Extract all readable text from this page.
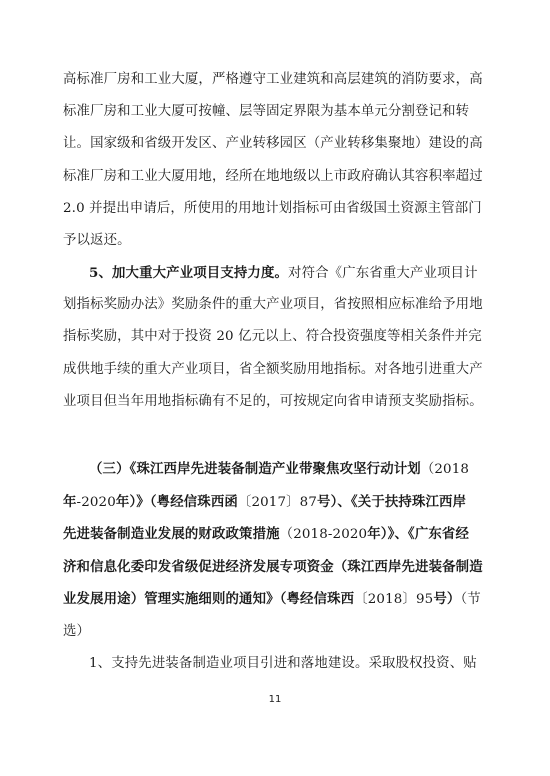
高标准厂房和工业大厦，严格遵守工业建筑和高层建筑的消防要求，高
标准厂房和工业大厦可按幢、层等固定界限为基本单元分割登记和转
让。国家级和省级开发区、产业转移园区（产业转移集聚地）建设的高
标准厂房和工业大厦用地，经所在地地级以上市政府确认其容积率超过
2.0 并提出申请后，所使用的用地计划指标可由省级国土资源主管部门
予以返还。
5、加大重大产业项目支持力度。对符合《广东省重大产业项目计
划指标奖励办法》奖励条件的重大产业项目，省按照相应标准给予用地
指标奖励，其中对于投资 20 亿元以上、符合投资强度等相关条件并完
成供地手续的重大产业项目，省全额奖励用地指标。对各地引进重大产
业项目但当年用地指标确有不足的，可按规定向省申请预支奖励指标。
（三）《珠江西岸先进装备制造产业带聚焦攻坚行动计划（2018
年-2020年）》（粤经信珠西函〔2017〕87号）、《关于扶持珠江西岸
先进装备制造业发展的财政政策措施（2018-2020年）》、《广东省经
济和信息化委印发省级促进经济发展专项资金（珠江西岸先进装备制造
业发展用途）管理实施细则的通知》（粤经信珠西〔2018〕95号）（节
选）
1、支持先进装备制造业项目引进和落地建设。采取股权投资、贴
11
